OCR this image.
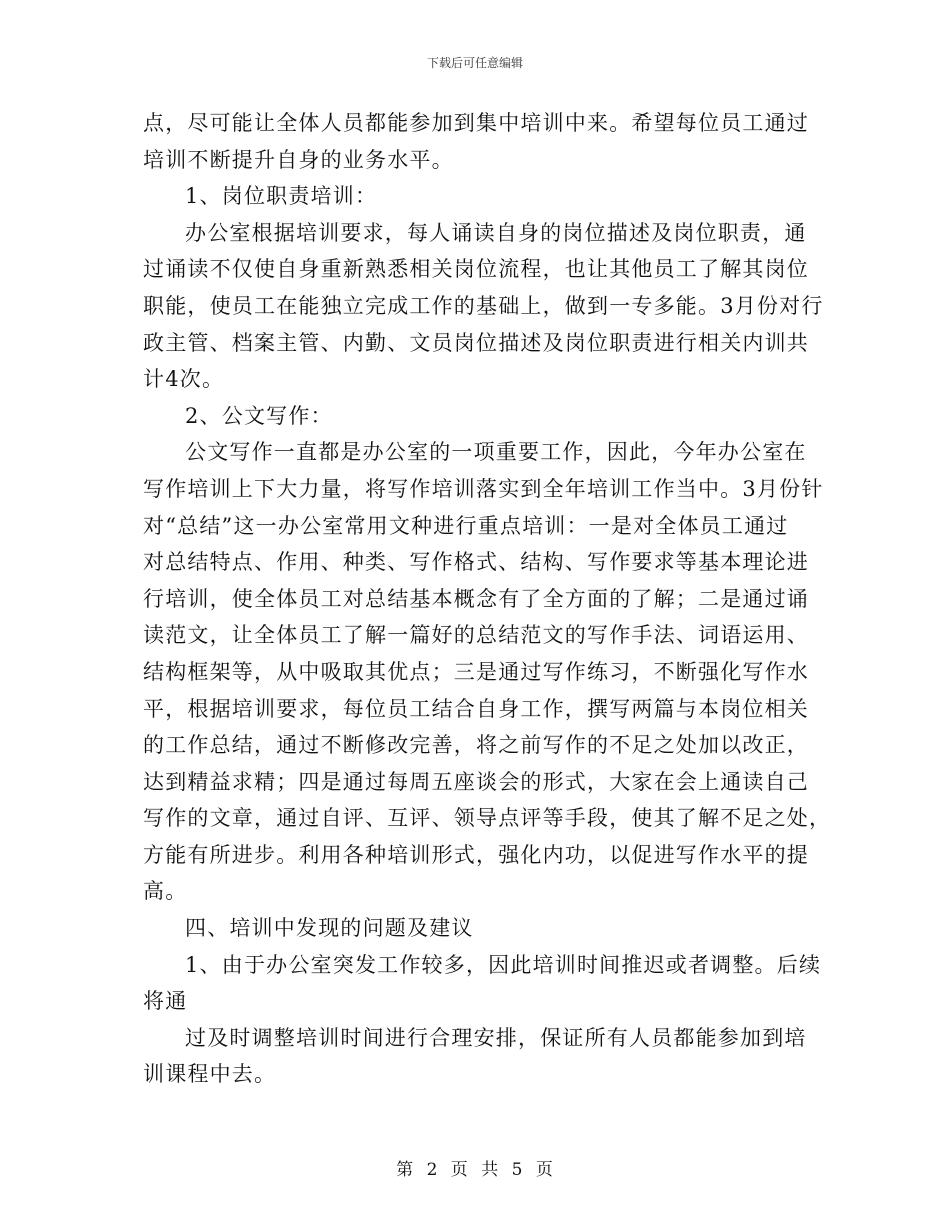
下载后可任意编辑
点，尽可能让全体人员都能参加到集中培训中来。希望每位员工通过
培训不断提升自身的业务水平。
1、岗位职责培训：
办公室根据培训要求，每人诵读自身的岗位描述及岗位职责，通
过诵读不仅使自身重新熟悉相关岗位流程，也让其他员工了解其岗位
职能，使员工在能独立完成工作的基础上，做到一专多能。3月份对行
政主管、档案主管、内勤、文员岗位描述及岗位职责进行相关内训共
计4次。
2、公文写作：
公文写作一直都是办公室的一项重要工作，因此，今年办公室在
写作培训上下大力量，将写作培训落实到全年培训工作当中。3月份针
对“总结”这一办公室常用文种进行重点培训：一是对全体员工通过
对总结特点、作用、种类、写作格式、结构、写作要求等基本理论进
行培训，使全体员工对总结基本概念有了全方面的了解；二是通过诵
读范文，让全体员工了解一篇好的总结范文的写作手法、词语运用、
结构框架等，从中吸取其优点；三是通过写作练习，不断强化写作水
平，根据培训要求，每位员工结合自身工作，撰写两篇与本岗位相关
的工作总结，通过不断修改完善，将之前写作的不足之处加以改正，
达到精益求精；四是通过每周五座谈会的形式，大家在会上通读自己
写作的文章，通过自评、互评、领导点评等手段，使其了解不足之处，
方能有所进步。利用各种培训形式，强化内功，以促进写作水平的提
高。
四、培训中发现的问题及建议
1、由于办公室突发工作较多，因此培训时间推迟或者调整。后续
将通
过及时调整培训时间进行合理安排，保证所有人员都能参加到培
训课程中去。
第 2 页 共 5 页
